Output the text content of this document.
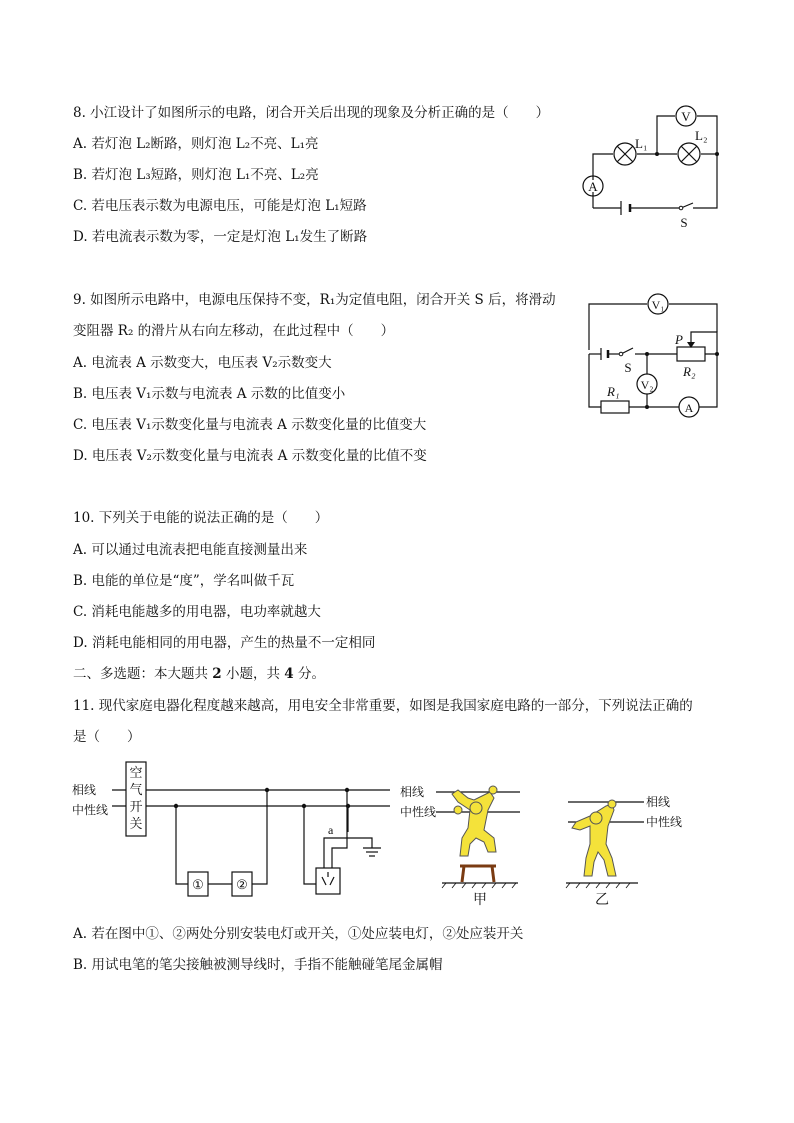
8. 小江设计了如图所示的电路，闭合开关后出现的现象及分析正确的是（　　）
A. 若灯泡 L₂断路，则灯泡 L₂不亮、L₁亮
B. 若灯泡 L₃短路，则灯泡 L₁不亮、L₂亮
C. 若电压表示数为电源电压，可能是灯泡 L₁短路
D. 若电流表示数为零，一定是灯泡 L₁发生了断路
V
L₁
L₂
A
S
9. 如图所示电路中，电源电压保持不变，R₁为定值电阻，闭合开关 S 后，将滑动
变阻器 R₂ 的滑片从右向左移动，在此过程中（　　）
A. 电流表 A 示数变大，电压表 V₂示数变大
B. 电压表 V₁示数与电流表 A 示数的比值变小
C. 电压表 V₁示数变化量与电流表 A 示数变化量的比值变大
D. 电压表 V₂示数变化量与电流表 A 示数变化量的比值不变
R₁
S
P
R₂
V₁
V₂
A
10. 下列关于电能的说法正确的是（　　）
A. 可以通过电流表把电能直接测量出来
B. 电能的单位是“度”，学名叫做千瓦
C. 消耗电能越多的用电器，电功率就越大
D. 消耗电能相同的用电器，产生的热量不一定相同
二、多选题：本大题共 2 小题，共 4 分。
11. 现代家庭电器化程度越来越高，用电安全非常重要，如图是我国家庭电路的一部分，下列说法正确的
是（　　）
相线
中性线
空
气
开
关
① ②
a
相线
中性线
甲
相线
中性线
乙
A. 若在图中①、②两处分别安装电灯或开关，①处应装电灯，②处应装开关
B. 用试电笔的笔尖接触被测导线时，手指不能触碰笔尾金属帽
